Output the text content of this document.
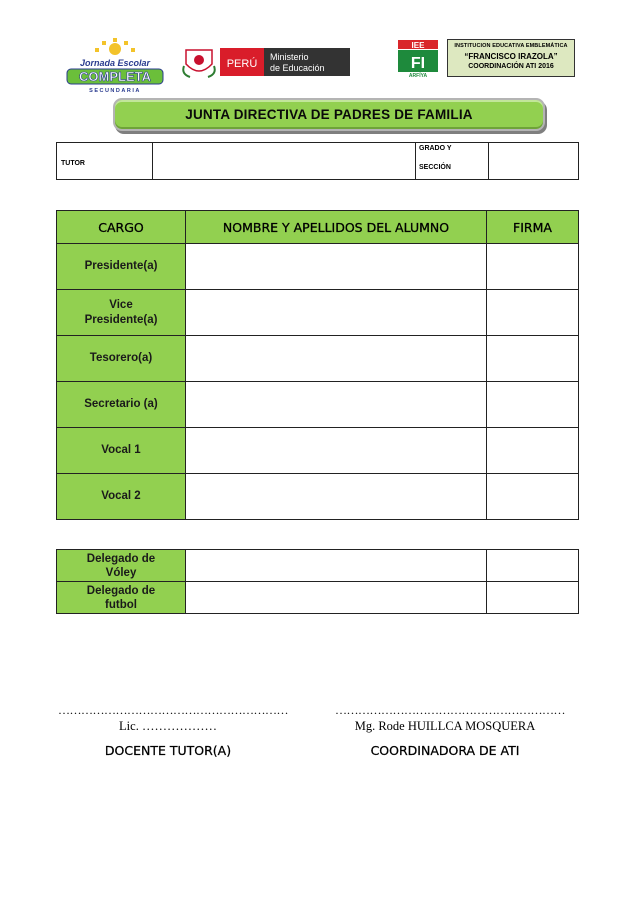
Jornada Escolar
COMPLETA
SECUNDARIA
PERÚ
Ministerio
de Educación
IEE
FI
ARFÍYA
INSTITUCION EDUCATIVA EMBLEMÁTICA
“FRANCISCO IRAZOLA”
COORDINACIÓN ATI 2016
JUNTA DIRECTIVA DE PADRES DE FAMILIA
TUTOR		
GRADO Y
SECCIÓN

CARGO	NOMBRE Y APELLIDOS DEL ALUMNO	FIRMA
Presidente(a)		
Vice Presidente(a)		
Tesorero(a)		
Secretario (a)		
Vocal 1		
Vocal 2		
Delegado de Vóley		
Delegado de futbol		
……………………………………………………
Lic. ………………
DOCENTE TUTOR(A)
……………………………………………………
Mg. Rode HUILLCA MOSQUERA
COORDINADORA DE ATI
